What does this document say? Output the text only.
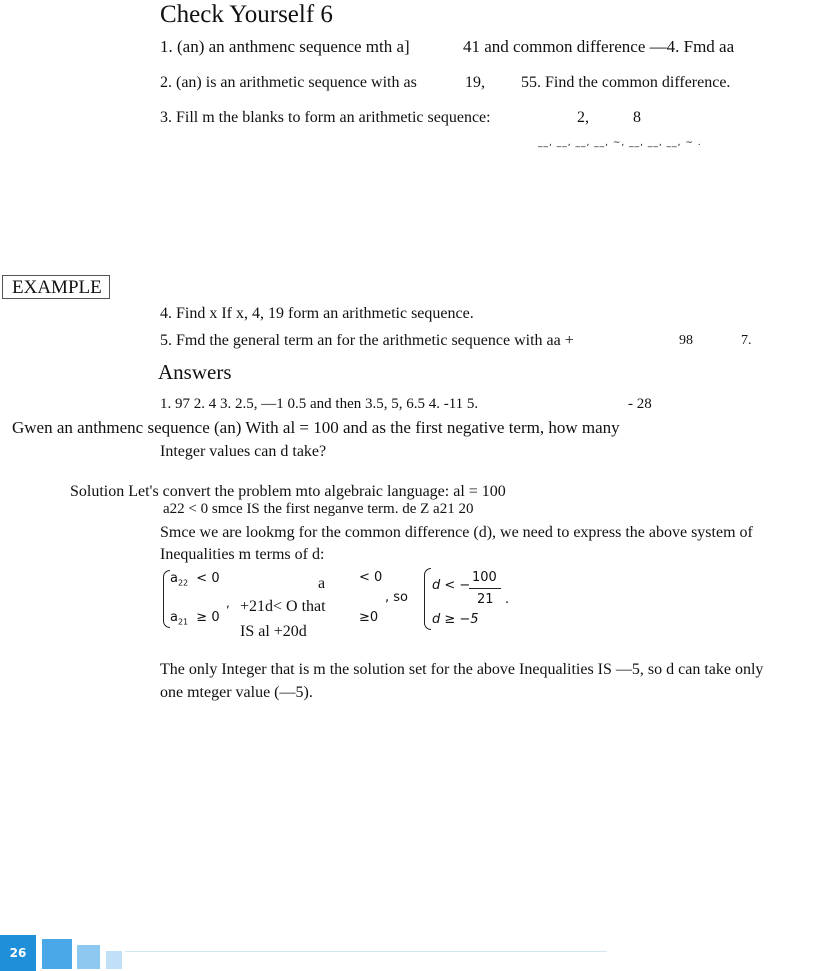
Check Yourself 6
1. (an) an anthmenc sequence mth a]	41 and common difference —4. Fmd aa
2. (an) is an arithmetic sequence with as	19, 55. Find the common difference.
3. Fill m the blanks to form an arithmetic sequence:	2,	8
__, __, __, __, ~, __, __, __, ~ .
EXAMPLE
4. Find x If x, 4, 19 form an arithmetic sequence.
5. Fmd the general term an for the arithmetic sequence with aa +	98	7.
Answers
1. 97 2. 4 3. 2.5, —1 0.5 and then 3.5, 5, 6.5 4. -11 5.	- 28
Gwen an anthmenc sequence (an) With al = 100 and as the first negative term, how many
Integer values can d take?
Solution Let's convert the problem mto algebraic language: al = 100
a22 < 0 smce IS the first neganve term. de Z a21 20
Smce we are lookmg for the common difference (d), we need to express the above system of
Inequalities m terms of d:
$a_{22} < 0$
$a_{21} \ge 0$
,
a	< 0
+21d< O that
≥0
IS al +20d
, so
d < −
100
21 .
d ≥ −5
The only Integer that is m the solution set for the above Inequalities IS —5, so d can take only
one mteger value (—5).
26
